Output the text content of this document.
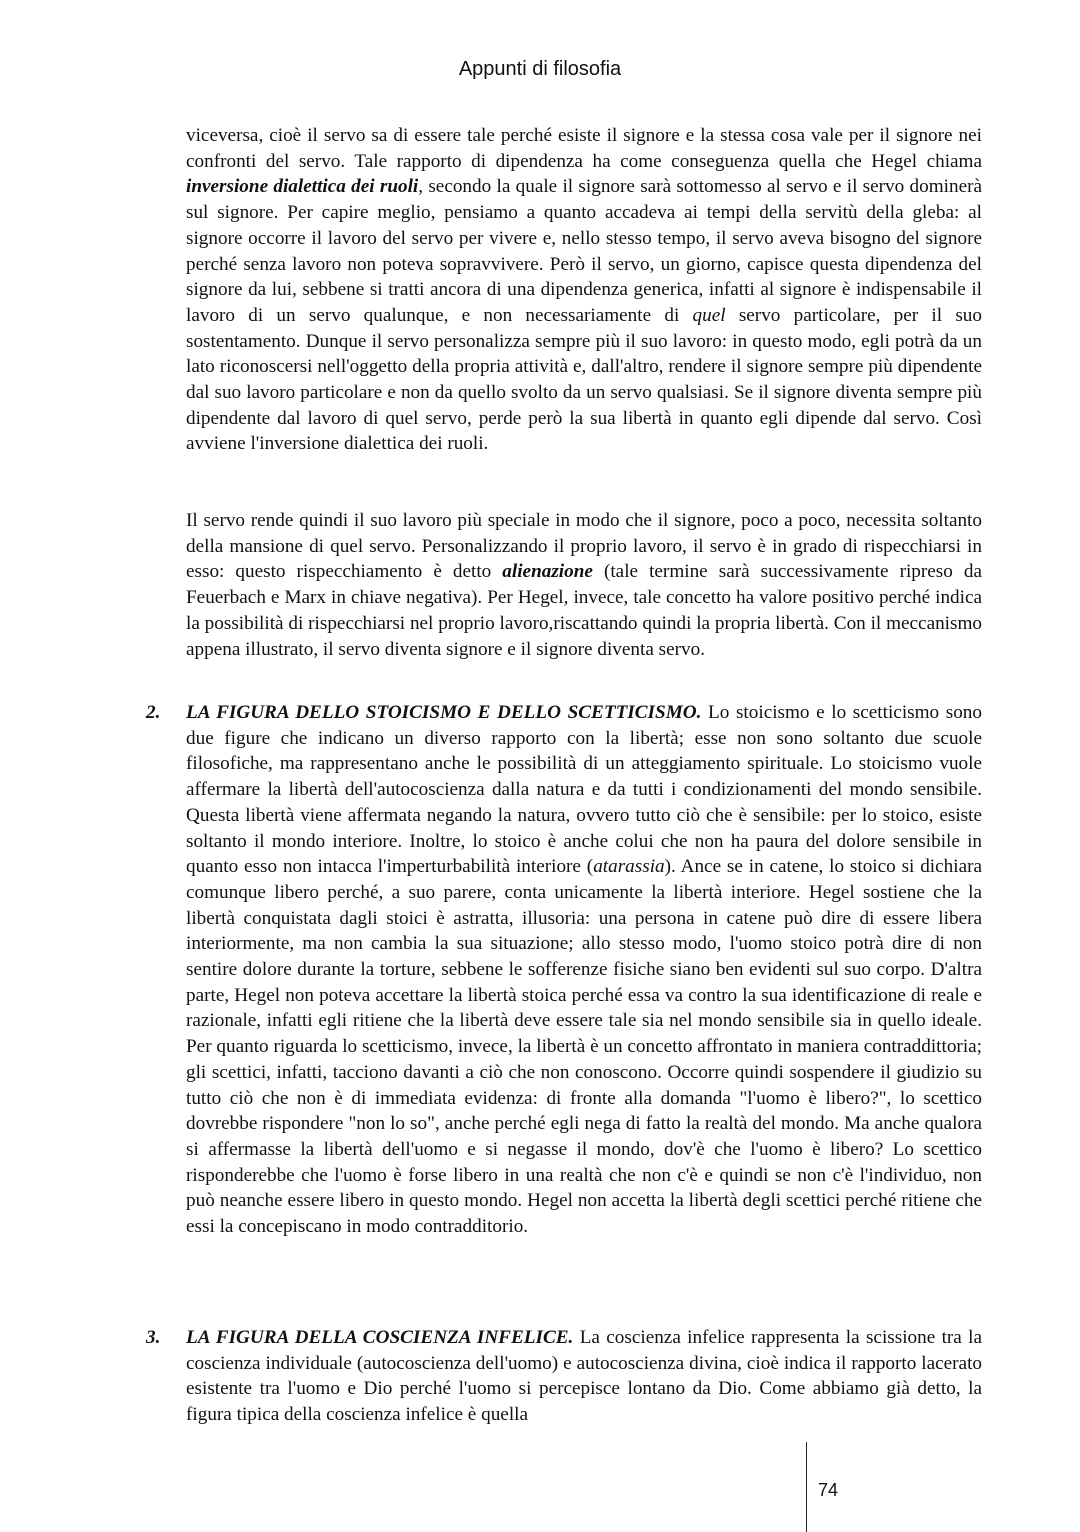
Appunti di filosofia

viceversa, cioè il servo sa di essere tale perché esiste il signore e la stessa cosa vale per il signore nei confronti del servo. Tale rapporto di dipendenza ha come conseguenza quella che Hegel chiama inversione dialettica dei ruoli, secondo la quale il signore sarà sottomesso al servo e il servo dominerà sul signore. Per capire meglio, pensiamo a quanto accadeva ai tempi della servitù della gleba: al signore occorre il lavoro del servo per vivere e, nello stesso tempo, il servo aveva bisogno del signore perché senza lavoro non poteva sopravvivere. Però il servo, un giorno, capisce questa dipendenza del signore da lui, sebbene si tratti ancora di una dipendenza generica, infatti al signore è indispensabile il lavoro di un servo qualunque, e non necessariamente di quel servo particolare, per il suo sostentamento. Dunque il servo personalizza sempre più il suo lavoro: in questo modo, egli potrà da un lato riconoscersi nell'oggetto della propria attività e, dall'altro, rendere il signore sempre più dipendente dal suo lavoro particolare e non da quello svolto da un servo qualsiasi. Se il signore diventa sempre più dipendente dal lavoro di quel servo, perde però la sua libertà in quanto egli dipende dal servo. Così avviene l'inversione dialettica dei ruoli.

Il servo rende quindi il suo lavoro più speciale in modo che il signore, poco a poco, necessita soltanto della mansione di quel servo. Personalizzando il proprio lavoro, il servo è in grado di rispecchiarsi in esso: questo rispecchiamento è detto alienazione (tale termine sarà successivamente ripreso da Feuerbach e Marx in chiave negativa). Per Hegel, invece, tale concetto ha valore positivo perché indica la possibilità di rispecchiarsi nel proprio lavoro,riscattando quindi la propria libertà. Con il meccanismo appena illustrato, il servo diventa signore e il signore diventa servo.

2.	LA FIGURA DELLO STOICISMO E DELLO SCETTICISMO. Lo stoicismo e lo scetticismo sono due figure che indicano un diverso rapporto con la libertà; esse non sono soltanto due scuole filosofiche, ma rappresentano anche le possibilità di un atteggiamento spirituale. Lo stoicismo vuole affermare la libertà dell'autocoscienza dalla natura e da tutti i condizionamenti del mondo sensibile. Questa libertà viene affermata negando la natura, ovvero tutto ciò che è sensibile: per lo stoico, esiste soltanto il mondo interiore. Inoltre, lo stoico è anche colui che non ha paura del dolore sensibile in quanto esso non intacca l'imperturbabilità interiore (atarassia). Ance se in catene, lo stoico si dichiara comunque libero perché, a suo parere, conta unicamente la libertà interiore. Hegel sostiene che la libertà conquistata dagli stoici è astratta, illusoria: una persona in catene può dire di essere libera interiormente, ma non cambia la sua situazione; allo stesso modo, l'uomo stoico potrà dire di non sentire dolore durante la torture, sebbene le sofferenze fisiche siano ben evidenti sul suo corpo. D'altra parte, Hegel non poteva accettare la libertà stoica perché essa va contro la sua identificazione di reale e razionale, infatti egli ritiene che la libertà deve essere tale sia nel mondo sensibile sia in quello ideale. Per quanto riguarda lo scetticismo, invece, la libertà è un concetto affrontato in maniera contraddittoria; gli scettici, infatti, tacciono davanti a ciò che non conoscono. Occorre quindi sospendere il giudizio su tutto ciò che non è di immediata evidenza: di fronte alla domanda "l'uomo è libero?", lo scettico dovrebbe rispondere "non lo so", anche perché egli nega di fatto la realtà del mondo. Ma anche qualora si affermasse la libertà dell'uomo e si negasse il mondo, dov'è che l'uomo è libero? Lo scettico risponderebbe che l'uomo è forse libero in una realtà che non c'è e quindi se non c'è l'individuo, non può neanche essere libero in questo mondo. Hegel non accetta la libertà degli scettici perché ritiene che essi la concepiscano in modo contradditorio.
3.	LA FIGURA DELLA COSCIENZA INFELICE. La coscienza infelice rappresenta la scissione tra la coscienza individuale (autocoscienza dell'uomo) e autocoscienza divina, cioè indica il rapporto lacerato esistente tra l'uomo e Dio perché l'uomo si percepisce lontano da Dio. Come abbiamo già detto, la figura tipica della coscienza infelice è quella
74
